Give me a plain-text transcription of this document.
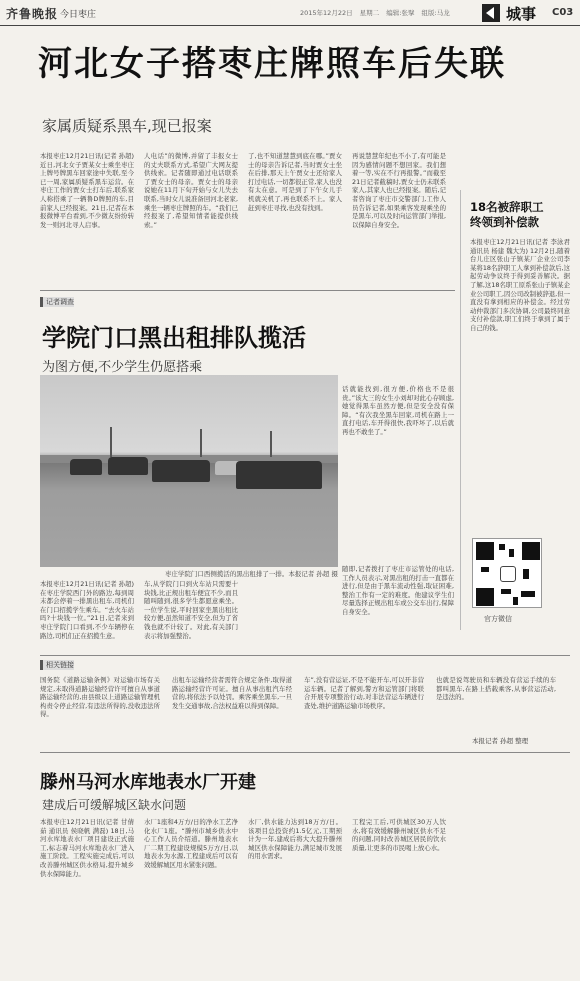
齐鲁晚报 今日枣庄	2015年12月22日 星期二 编辑:张擘 组版:马龙	城事 C03
河北女子搭枣庄牌照车后失联
家属质疑系黑车,现已报案
本报枣庄12月21日讯(记者 孙超) 近日,河北女子贾某女士乘坐枣庄上牌号牌黑车回家途中失联,至今已一周,家属质疑系黑车运营。在枣庄工作的贾女士打车后,联系家人称搭乘了一辆鲁D牌照的车,目前家人已经报案。21日,记者在本报微博平台看到,不少微友纷纷转发一则河北寻人启事。
人电话”的微博,并留了丰报女士的丈夫联系方式,希望广大网友提供线索。记者随即通过电话联系了贾女士的母亲。贾女士的母亲说她在11月下旬开始与女儿失去联系,当时女儿说准备回河北老家,乘坐一辆枣庄牌照的车。“我们已经报案了,希望知情者能提供线索。”
了,也不知道慧慧到底在哪。”贾女士的母亲告诉记者,当时贾女士坐在后排,那天上午贾女士还给家人打过电话,一切都很正常,家人也没有太在意。可是到了下午女儿手机就关机了,再也联系不上。家人赶到枣庄寻找,也没有找到。
再说慧慧年纪也不小了,有可能是因为感情问题不想回家。我们想着一等,实在不行再报警。”而截至21日记者截稿时,贾女士仍未联系家人,其家人也已经报案。随后,记者咨询了枣庄市交警部门,工作人员告诉记者,如果乘客发现乘坐的是黑车,可以及时向运管部门举报,以保障自身安全。
记者调查
学院门口黑出租排队揽活
为图方便,不少学生仍愿搭乘
枣庄学院门口西侧揽活的黑出租排了一排。本报记者 孙超 摄
话就能找到,很方便,价格也不是很贵。”该大三的女生小刘却对此心存顾虑,她觉得黑车虽然方便,但是安全没有保障。“有次我坐黑车回家,司机在路上一直打电话,车开得很快,我吓坏了,以后就再也不敢坐了。”
随即,记者拨打了枣庄市运管处的电话,工作人员表示,对黑出租的打击一直都在进行,但是由于黑车流动性强,取证困难,整治工作有一定的难度。他建议学生们尽量选择正规出租车或公交车出行,保障自身安全。
本报枣庄12月21日讯(记者 孙超) 在枣庄学院西门外的路边,每到周末都会停着一排黑出租车,司机们在门口招揽学生乘车。“去火车站吗?十块钱一位。”21日,记者来到枣庄学院门口看到,不少车辆停在路边,司机们正在招揽生意。
车,从学院门口到火车站只需要十块钱,比正规出租车便宜不少,而且随叫随到,很多学生都愿意乘坐。一位学生说,平时回家坐黑出租比较方便,虽然知道不安全,但为了省钱也就不计较了。对此,有关部门表示将加强整治。
18名被辞职工
终领到补偿款
本报枣庄12月21日讯(记者 李泳君 通讯员 杨建 魏大为) 12月2日,随着台儿庄区张山子镇某厂企业公司李某将18名辞职工人拿到补偿款后,这起劳动争议终于得到妥善解决。据了解,这18名职工原系张山子镇某企业公司职工,因公司改制被辞退,但一直没有拿到相应的补偿金。经过劳动仲裁部门多次协调,公司最终同意支付补偿款,职工们终于拿到了属于自己的钱。
官方微信
相关链接
国务院《道路运输条例》对运输市场有关规定,未取得道路运输经营许可擅自从事道路运输经营的,由县级以上道路运输管理机构责令停止经营,有违法所得的,没收违法所得。
出租车运输经营者需符合规定条件,取得道路运输经营许可证。擅自从事出租汽车经营的,将依法予以处罚。乘客乘坐黑车,一旦发生交通事故,合法权益难以得到保障。
车”,没有营运证,不是不能开车,可以开非营运车辆。记者了解到,警方和运管部门将联合开展专项整治行动,对非法营运车辆进行查处,维护道路运输市场秩序。
也就是说驾驶员和车辆没有营运手续的车都叫黑车,在路上搭载乘客,从事营运活动,是违法的。
本报记者 孙超 整理
滕州马河水库地表水厂开建
建成后可缓解城区缺水问题
本报枣庄12月21日讯(记者 甘倩茹 通讯员 侯晓帆 满磊) 18日,马河水库地表水厂项目建设正式施工,标志着马河水库地表水厂进入施工阶段。工程实施完成后,可以改善滕州城区供水格局,提升城乡供水保障能力。
水厂1座和4万方/日的净水工艺净化水厂1座。“滕州市城乡供水中心工作人员介绍道。滕州地表水厂二期工程建设规模5万方/日,以地表水为水源,工程建成后可以有效缓解城区用水紧张问题。
水厂,供水能力达到18万方/日。该项目总投资约1.5亿元,工期预计为一年,建成后将大大提升滕州城区供水保障能力,满足城市发展的用水需求。
工程完工后,可供城区30万人饮水,将有效缓解滕州城区供水不足的问题,同时改善城区居民的饮水质量,让更多的市民喝上放心水。
